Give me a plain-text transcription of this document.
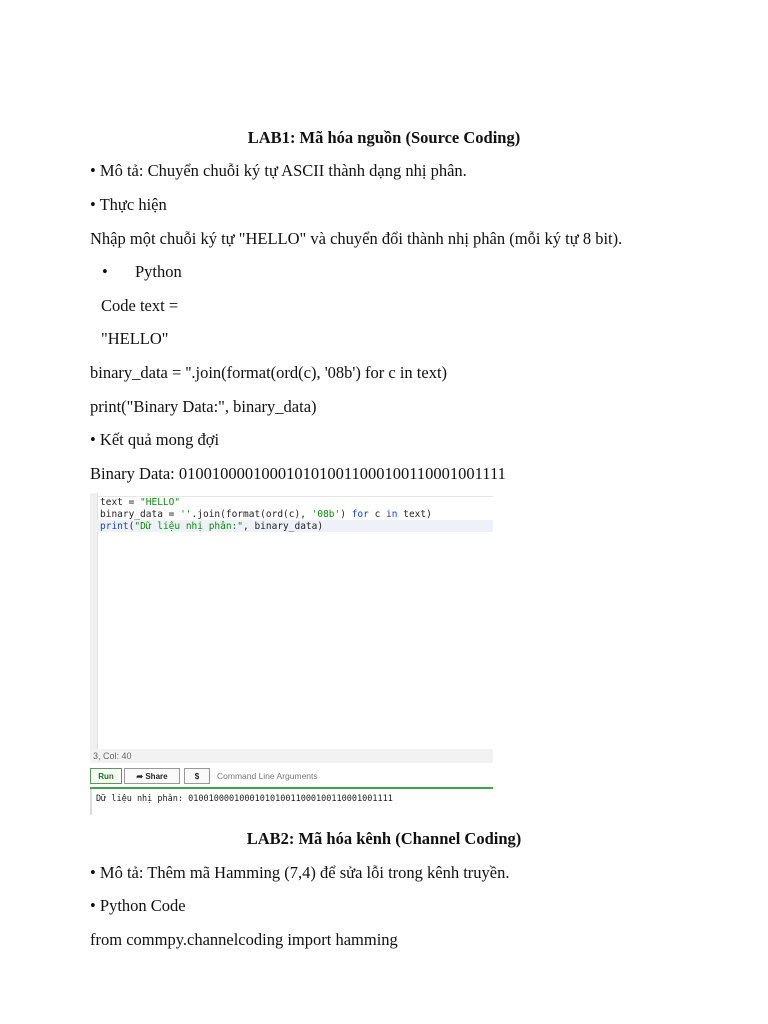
LAB1: Mã hóa nguồn (Source Coding)
• Mô tả: Chuyển chuỗi ký tự ASCII thành dạng nhị phân.
• Thực hiện
Nhập một chuỗi ký tự "HELLO" và chuyển đổi thành nhị phân (mỗi ký tự 8 bit).
• Python
Code text =
"HELLO"
binary_data = ''.join(format(ord(c), '08b') for c in text)
print("Binary Data:", binary_data)
• Kết quả mong đợi
Binary Data: 0100100001000101010011000100110001001111
text = "HELLO"
binary_data = ''.join(format(ord(c), '08b') for c in text)
print("Dữ liệu nhị phân:", binary_data)
3, Col: 40
Run	➦ Share	$	Command Line Arguments
Dữ liệu nhị phân: 0100100001000101010011000100110001001111
LAB2: Mã hóa kênh (Channel Coding)
• Mô tả: Thêm mã Hamming (7,4) để sửa lỗi trong kênh truyền.
• Python Code
from commpy.channelcoding import hamming
